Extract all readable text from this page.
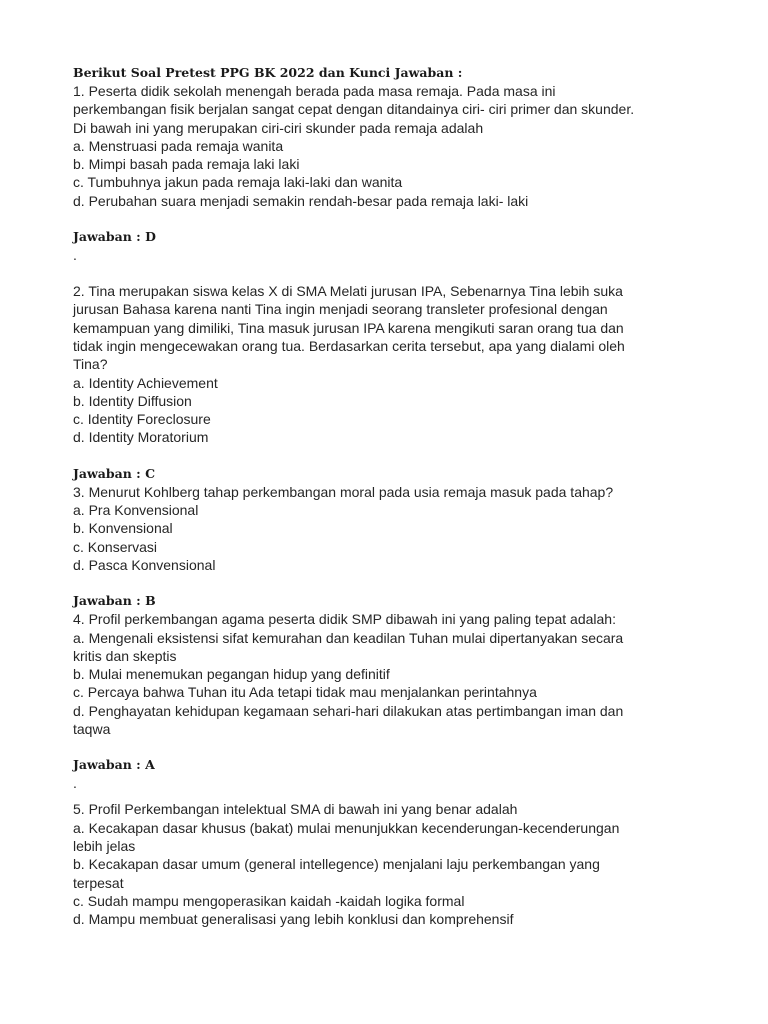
Berikut Soal Pretest PPG BK 2022 dan Kunci Jawaban :
1. Peserta didik sekolah menengah berada pada masa remaja. Pada masa ini
perkembangan fisik berjalan sangat cepat dengan ditandainya ciri- ciri primer dan skunder.
Di bawah ini yang merupakan ciri-ciri skunder pada remaja adalah
a. Menstruasi pada remaja wanita
b. Mimpi basah pada remaja laki laki
c. Tumbuhnya jakun pada remaja laki-laki dan wanita
d. Perubahan suara menjadi semakin rendah-besar pada remaja laki- laki
Jawaban : D
.
2. Tina merupakan siswa kelas X di SMA Melati jurusan IPA, Sebenarnya Tina lebih suka
jurusan Bahasa karena nanti Tina ingin menjadi seorang transleter profesional dengan
kemampuan yang dimiliki, Tina masuk jurusan IPA karena mengikuti saran orang tua dan
tidak ingin mengecewakan orang tua. Berdasarkan cerita tersebut, apa yang dialami oleh
Tina?
a. Identity Achievement
b. Identity Diffusion
c. Identity Foreclosure
d. Identity Moratorium
Jawaban : C
3. Menurut Kohlberg tahap perkembangan moral pada usia remaja masuk pada tahap?
a. Pra Konvensional
b. Konvensional
c. Konservasi
d. Pasca Konvensional
Jawaban : B
4. Profil perkembangan agama peserta didik SMP dibawah ini yang paling tepat adalah:
a. Mengenali eksistensi sifat kemurahan dan keadilan Tuhan mulai dipertanyakan secara
kritis dan skeptis
b. Mulai menemukan pegangan hidup yang definitif
c. Percaya bahwa Tuhan itu Ada tetapi tidak mau menjalankan perintahnya
d. Penghayatan kehidupan kegamaan sehari-hari dilakukan atas pertimbangan iman dan
taqwa
Jawaban : A
.
5. Profil Perkembangan intelektual SMA di bawah ini yang benar adalah
a. Kecakapan dasar khusus (bakat) mulai menunjukkan kecenderungan-kecenderungan
lebih jelas
b. Kecakapan dasar umum (general intellegence) menjalani laju perkembangan yang
terpesat
c. Sudah mampu mengoperasikan kaidah -kaidah logika formal
d. Mampu membuat generalisasi yang lebih konklusi dan komprehensif
